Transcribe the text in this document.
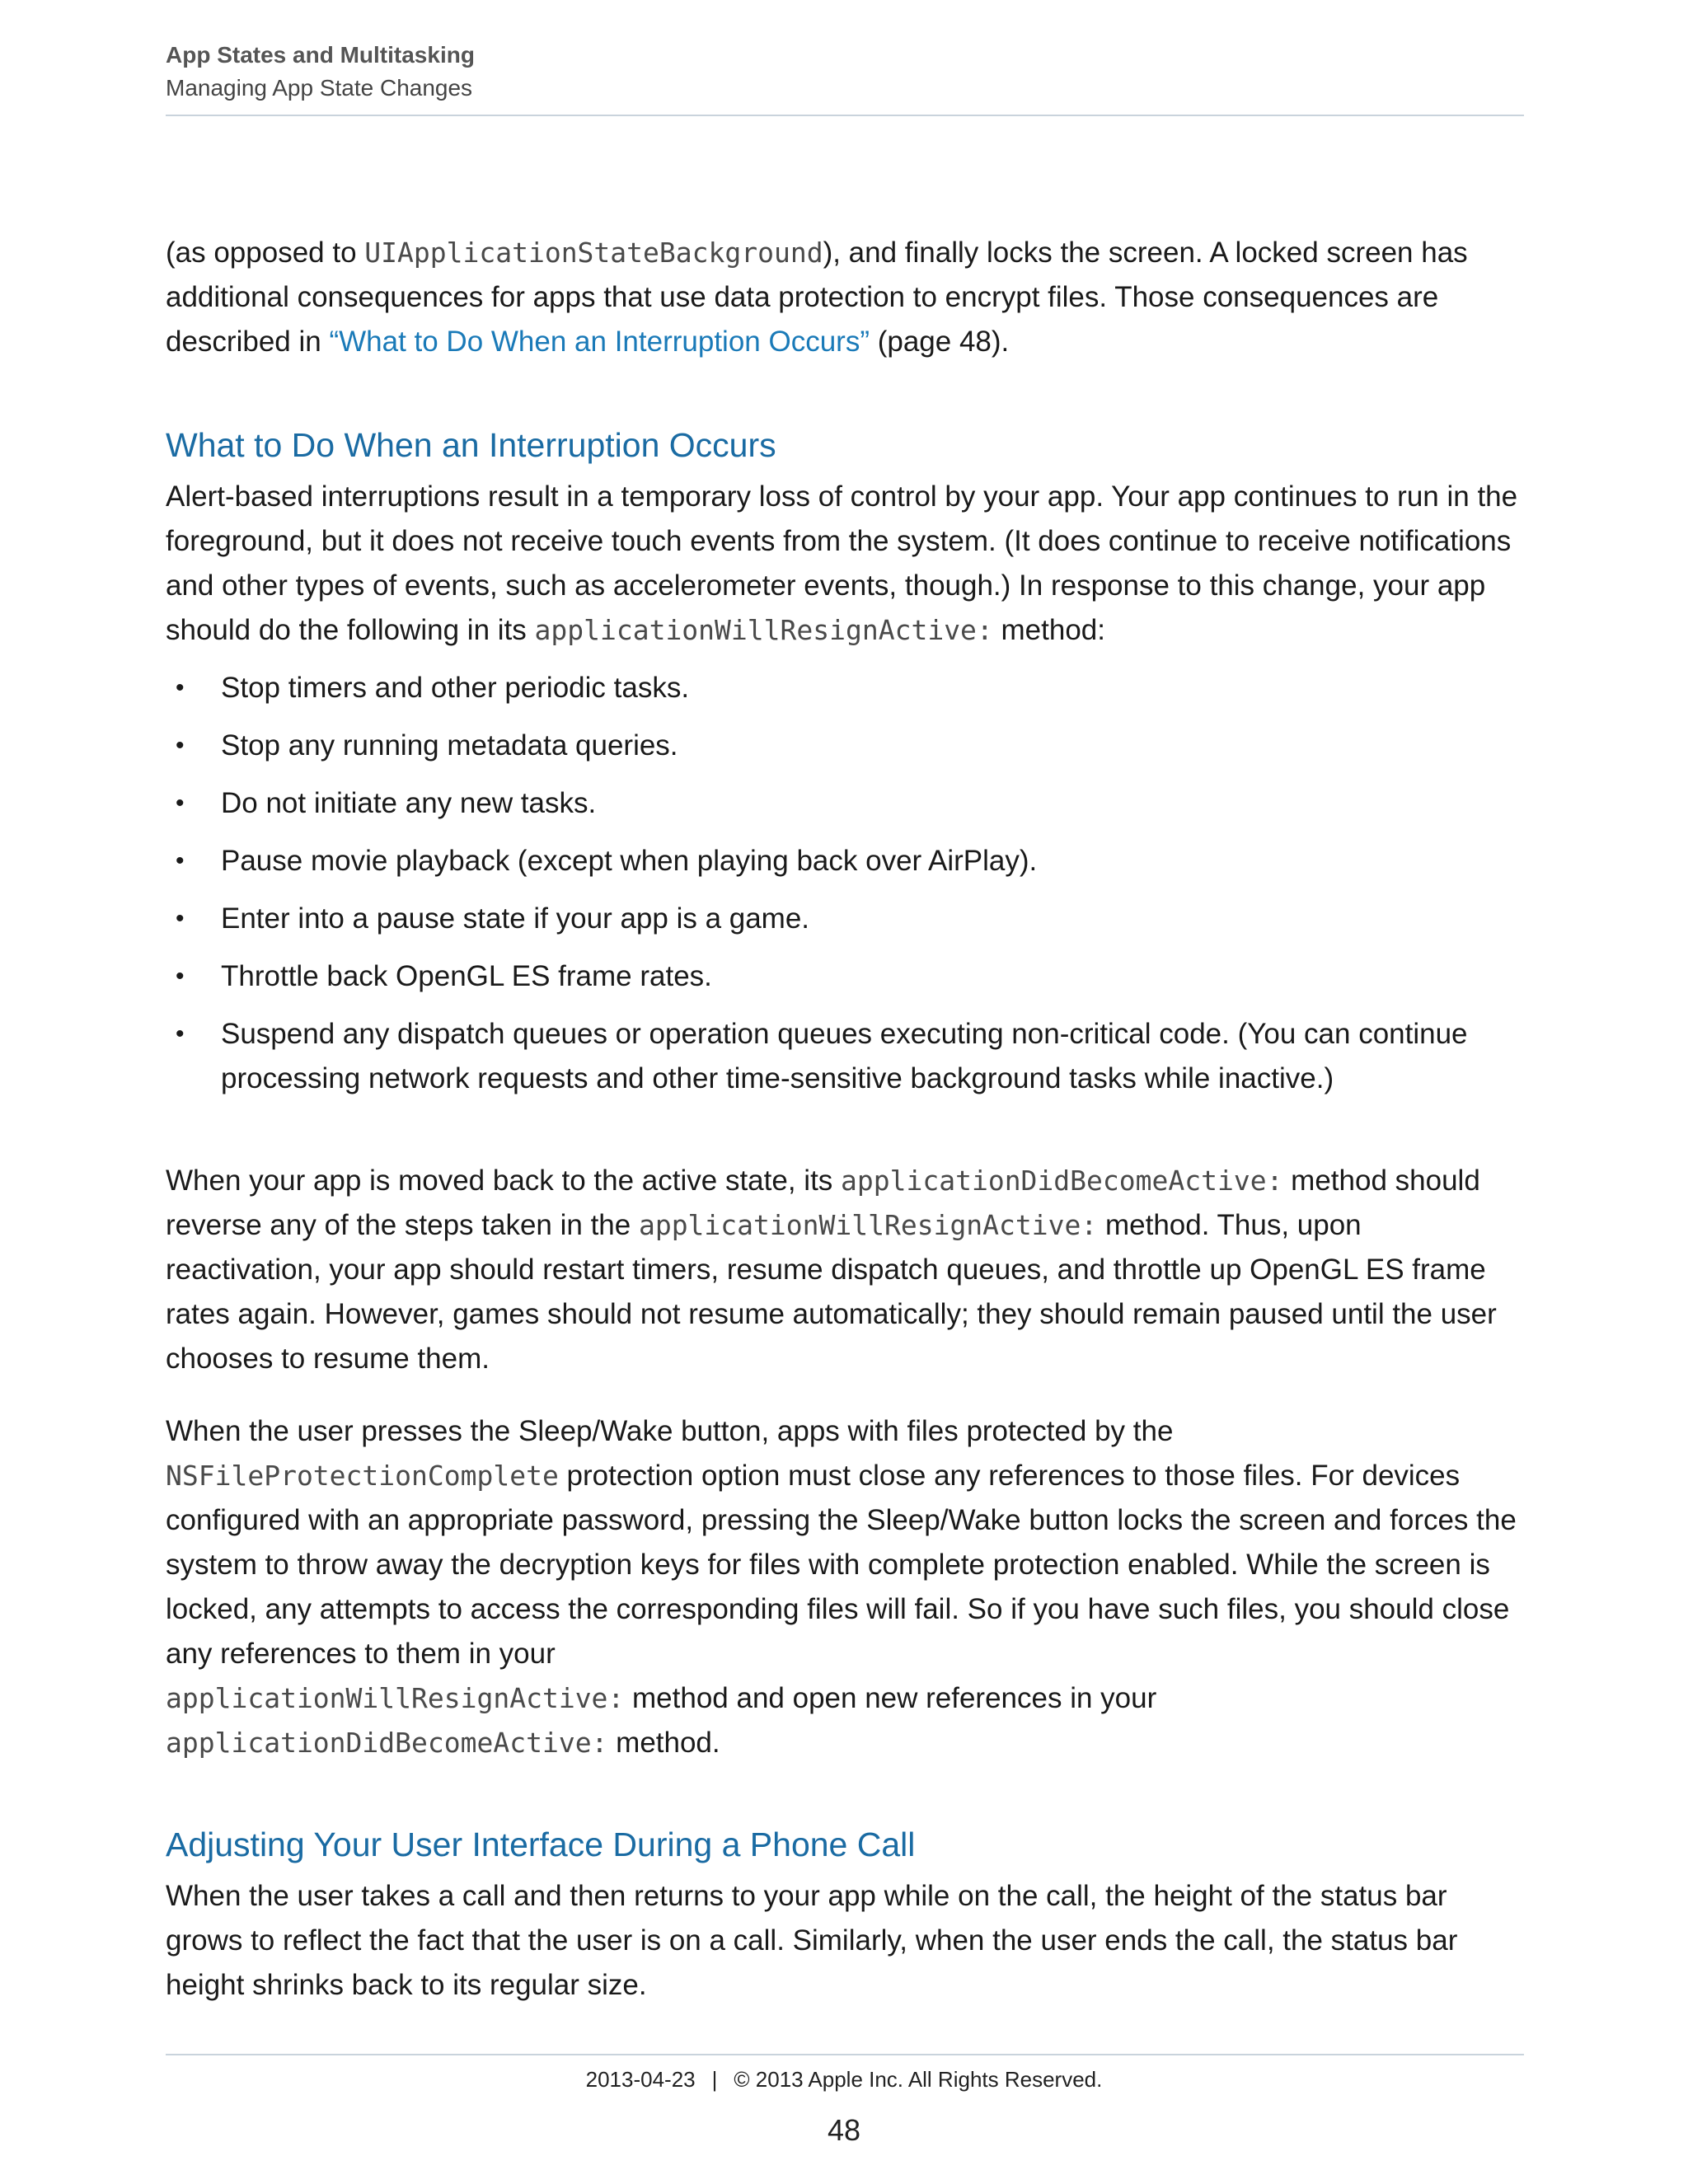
App States and Multitasking
Managing App State Changes

(as opposed to UIApplicationStateBackground), and finally locks the screen. A locked screen has additional consequences for apps that use data protection to encrypt files. Those consequences are described in “What to Do When an Interruption Occurs” (page 48).

What to Do When an Interruption Occurs

Alert-based interruptions result in a temporary loss of control by your app. Your app continues to run in the foreground, but it does not receive touch events from the system. (It does continue to receive notifications and other types of events, such as accelerometer events, though.) In response to this change, your app should do the following in its applicationWillResignActive: method:

• Stop timers and other periodic tasks.
• Stop any running metadata queries.
• Do not initiate any new tasks.
• Pause movie playback (except when playing back over AirPlay).
• Enter into a pause state if your app is a game.
• Throttle back OpenGL ES frame rates.
• Suspend any dispatch queues or operation queues executing non-critical code. (You can continue processing network requests and other time-sensitive background tasks while inactive.)

When your app is moved back to the active state, its applicationDidBecomeActive: method should reverse any of the steps taken in the applicationWillResignActive: method. Thus, upon reactivation, your app should restart timers, resume dispatch queues, and throttle up OpenGL ES frame rates again. However, games should not resume automatically; they should remain paused until the user chooses to resume them.

When the user presses the Sleep/Wake button, apps with files protected by the NSFileProtectionComplete protection option must close any references to those files. For devices configured with an appropriate password, pressing the Sleep/Wake button locks the screen and forces the system to throw away the decryption keys for files with complete protection enabled. While the screen is locked, any attempts to access the corresponding files will fail. So if you have such files, you should close any references to them in your
applicationWillResignActive: method and open new references in your
applicationDidBecomeActive: method.

Adjusting Your User Interface During a Phone Call

When the user takes a call and then returns to your app while on the call, the height of the status bar grows to reflect the fact that the user is on a call. Similarly, when the user ends the call, the status bar height shrinks back to its regular size.

2013-04-23 | © 2013 Apple Inc. All Rights Reserved.
48
